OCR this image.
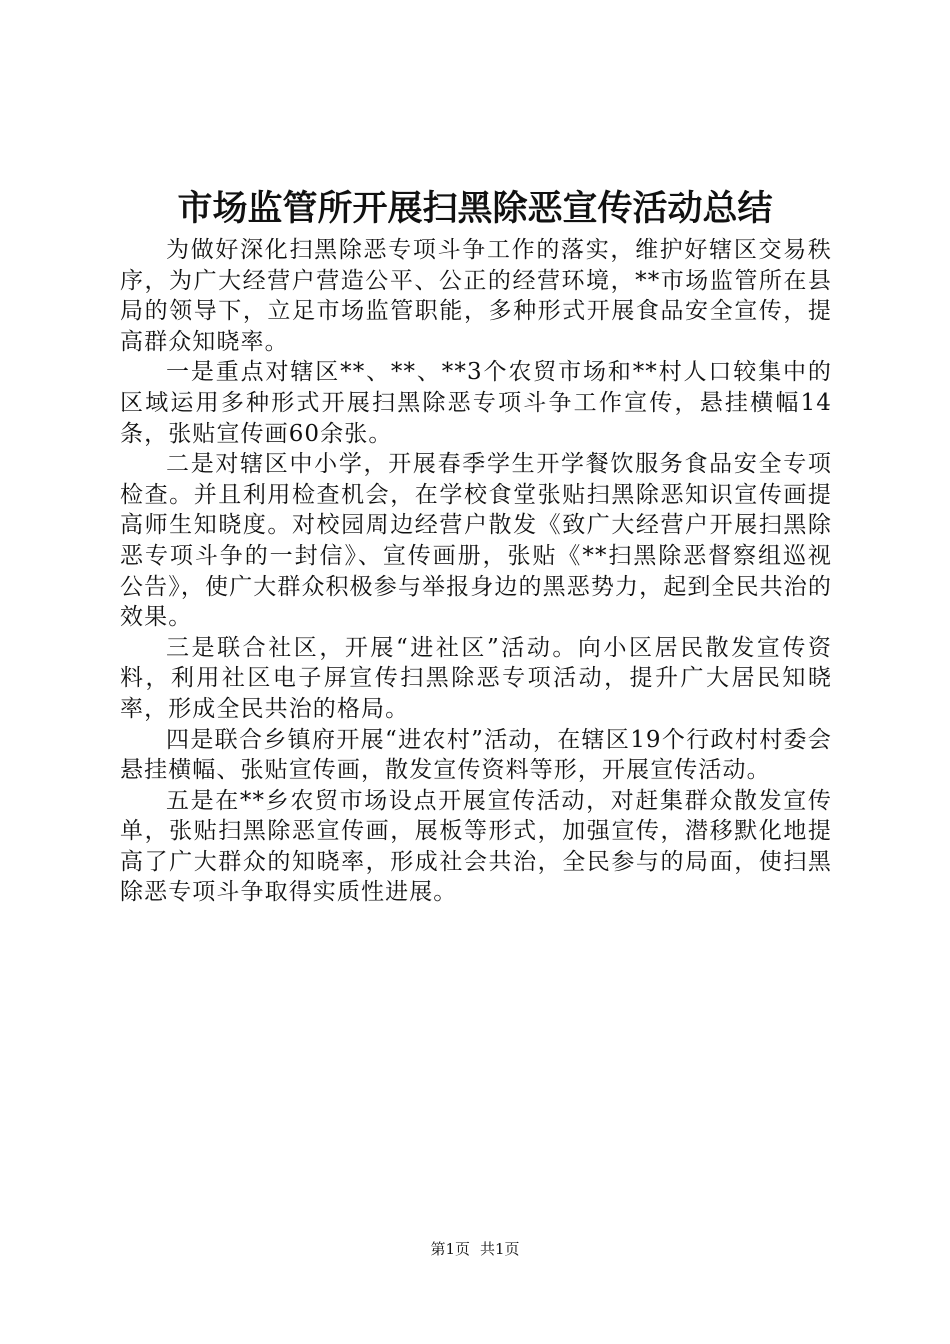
市场监管所开展扫黑除恶宣传活动总结

为做好深化扫黑除恶专项斗争工作的落实，维护好辖区交易秩序，为广大经营户营造公平、公正的经营环境，**市场监管所在县局的领导下，立足市场监管职能，多种形式开展食品安全宣传，提高群众知晓率。

一是重点对辖区**、**、**3个农贸市场和**村人口较集中的区域运用多种形式开展扫黑除恶专项斗争工作宣传，悬挂横幅14条，张贴宣传画60余张。

二是对辖区中小学，开展春季学生开学餐饮服务食品安全专项检查。并且利用检查机会，在学校食堂张贴扫黑除恶知识宣传画提高师生知晓度。对校园周边经营户散发《致广大经营户开展扫黑除恶专项斗争的一封信》、宣传画册，张贴《**扫黑除恶督察组巡视公告》，使广大群众积极参与举报身边的黑恶势力，起到全民共治的效果。

三是联合社区，开展“进社区”活动。向小区居民散发宣传资料，利用社区电子屏宣传扫黑除恶专项活动，提升广大居民知晓率，形成全民共治的格局。

四是联合乡镇府开展“进农村”活动，在辖区19个行政村村委会悬挂横幅、张贴宣传画，散发宣传资料等形，开展宣传活动。

五是在**乡农贸市场设点开展宣传活动，对赶集群众散发宣传单，张贴扫黑除恶宣传画，展板等形式，加强宣传，潜移默化地提高了广大群众的知晓率，形成社会共治，全民参与的局面，使扫黑除恶专项斗争取得实质性进展。

第1页 共1页
